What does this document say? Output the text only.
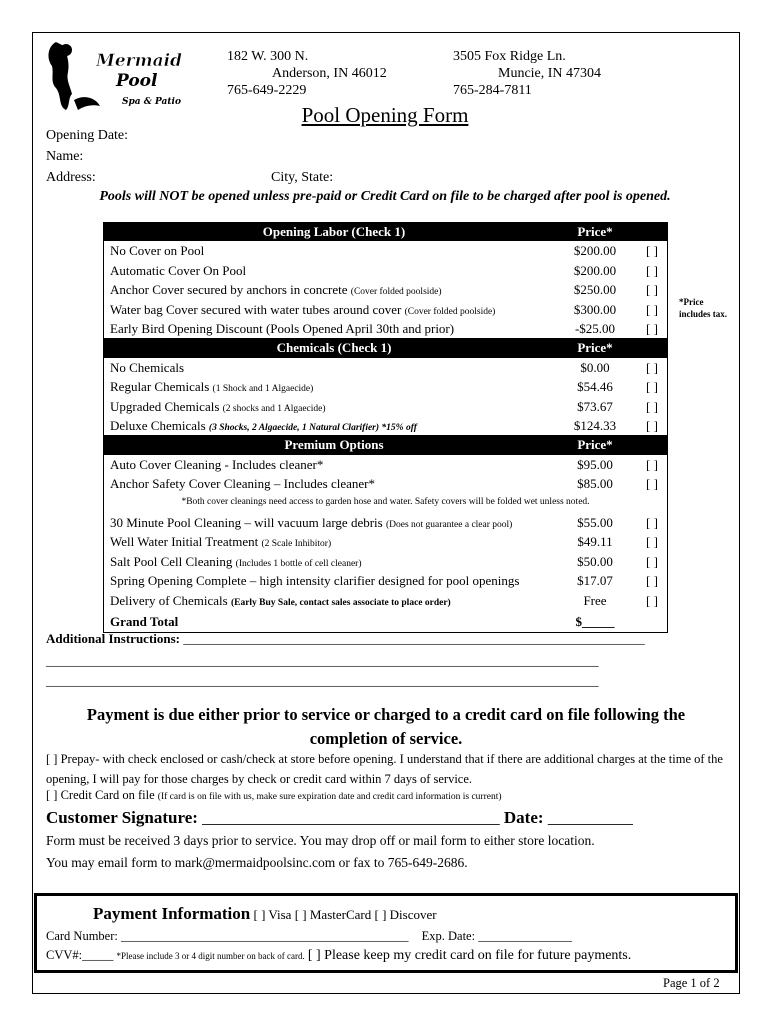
Mermaid
Pool
Spa & Patio
182 W. 300 N.
Anderson, IN 46012
765-649-2229
3505 Fox Ridge Ln.
Muncie, IN 47304
765-284-7811
Pool Opening Form
Opening Date:
Name:
Address:	City, State:
Pools will NOT be opened unless pre-paid or Credit Card on file to be charged after pool is opened.
Opening Labor (Check 1)	Price*
No Cover on Pool	$200.00	[ ]
Automatic Cover On Pool	$200.00	[ ]
Anchor Cover secured by anchors in concrete (Cover folded poolside)	$250.00	[ ]
Water bag Cover secured with water tubes around cover (Cover folded poolside)	$300.00	[ ]
Early Bird Opening Discount (Pools Opened April 30th and prior)	-$25.00	[ ]
Chemicals (Check 1)	Price*
No Chemicals	$0.00	[ ]
Regular Chemicals (1 Shock and 1 Algaecide)	$54.46	[ ]
Upgraded Chemicals (2 shocks and 1 Algaecide)	$73.67	[ ]
Deluxe Chemicals (3 Shocks, 2 Algaecide, 1 Natural Clarifier) *15% off	$124.33	[ ]
Premium Options	Price*
Auto Cover Cleaning - Includes cleaner*	$95.00	[ ]
Anchor Safety Cover Cleaning – Includes cleaner*	$85.00	[ ]
*Both cover cleanings need access to garden hose and water. Safety covers will be folded wet unless noted.
30 Minute Pool Cleaning – will vacuum large debris (Does not guarantee a clear pool)	$55.00	[ ]
Well Water Initial Treatment (2 Scale Inhibitor)	$49.11	[ ]
Salt Pool Cell Cleaning (Includes 1 bottle of cell cleaner)	$50.00	[ ]
Spring Opening Complete – high intensity clarifier designed for pool openings	$17.07	[ ]
Delivery of Chemicals (Early Buy Sale, contact sales associate to place order)	Free	[ ]
Grand Total	$_____
*Price includes tax.
Additional Instructions: _______________________________________________________________________
_____________________________________________________________________________________
_____________________________________________________________________________________
Payment is due either prior to service or charged to a credit card on file following the completion of service.
[ ] Prepay- with check enclosed or cash/check at store before opening. I understand that if there are additional charges at the time of the opening, I will pay for those charges by check or credit card within 7 days of service.
[ ] Credit Card on file (If card is on file with us, make sure expiration date and credit card information is current)
Customer Signature: ___________________________________ Date: __________
Form must be received 3 days prior to service. You may drop off or mail form to either store location.
You may email form to mark@mermaidpoolsinc.com or fax to 765-649-2686.
Payment Information [ ] Visa [ ] MasterCard [ ] Discover
Card Number: ______________________________________________ Exp. Date: _______________
CVV#:_____ *Please include 3 or 4 digit number on back of card. [ ] Please keep my credit card on file for future payments.
Page 1 of 2
